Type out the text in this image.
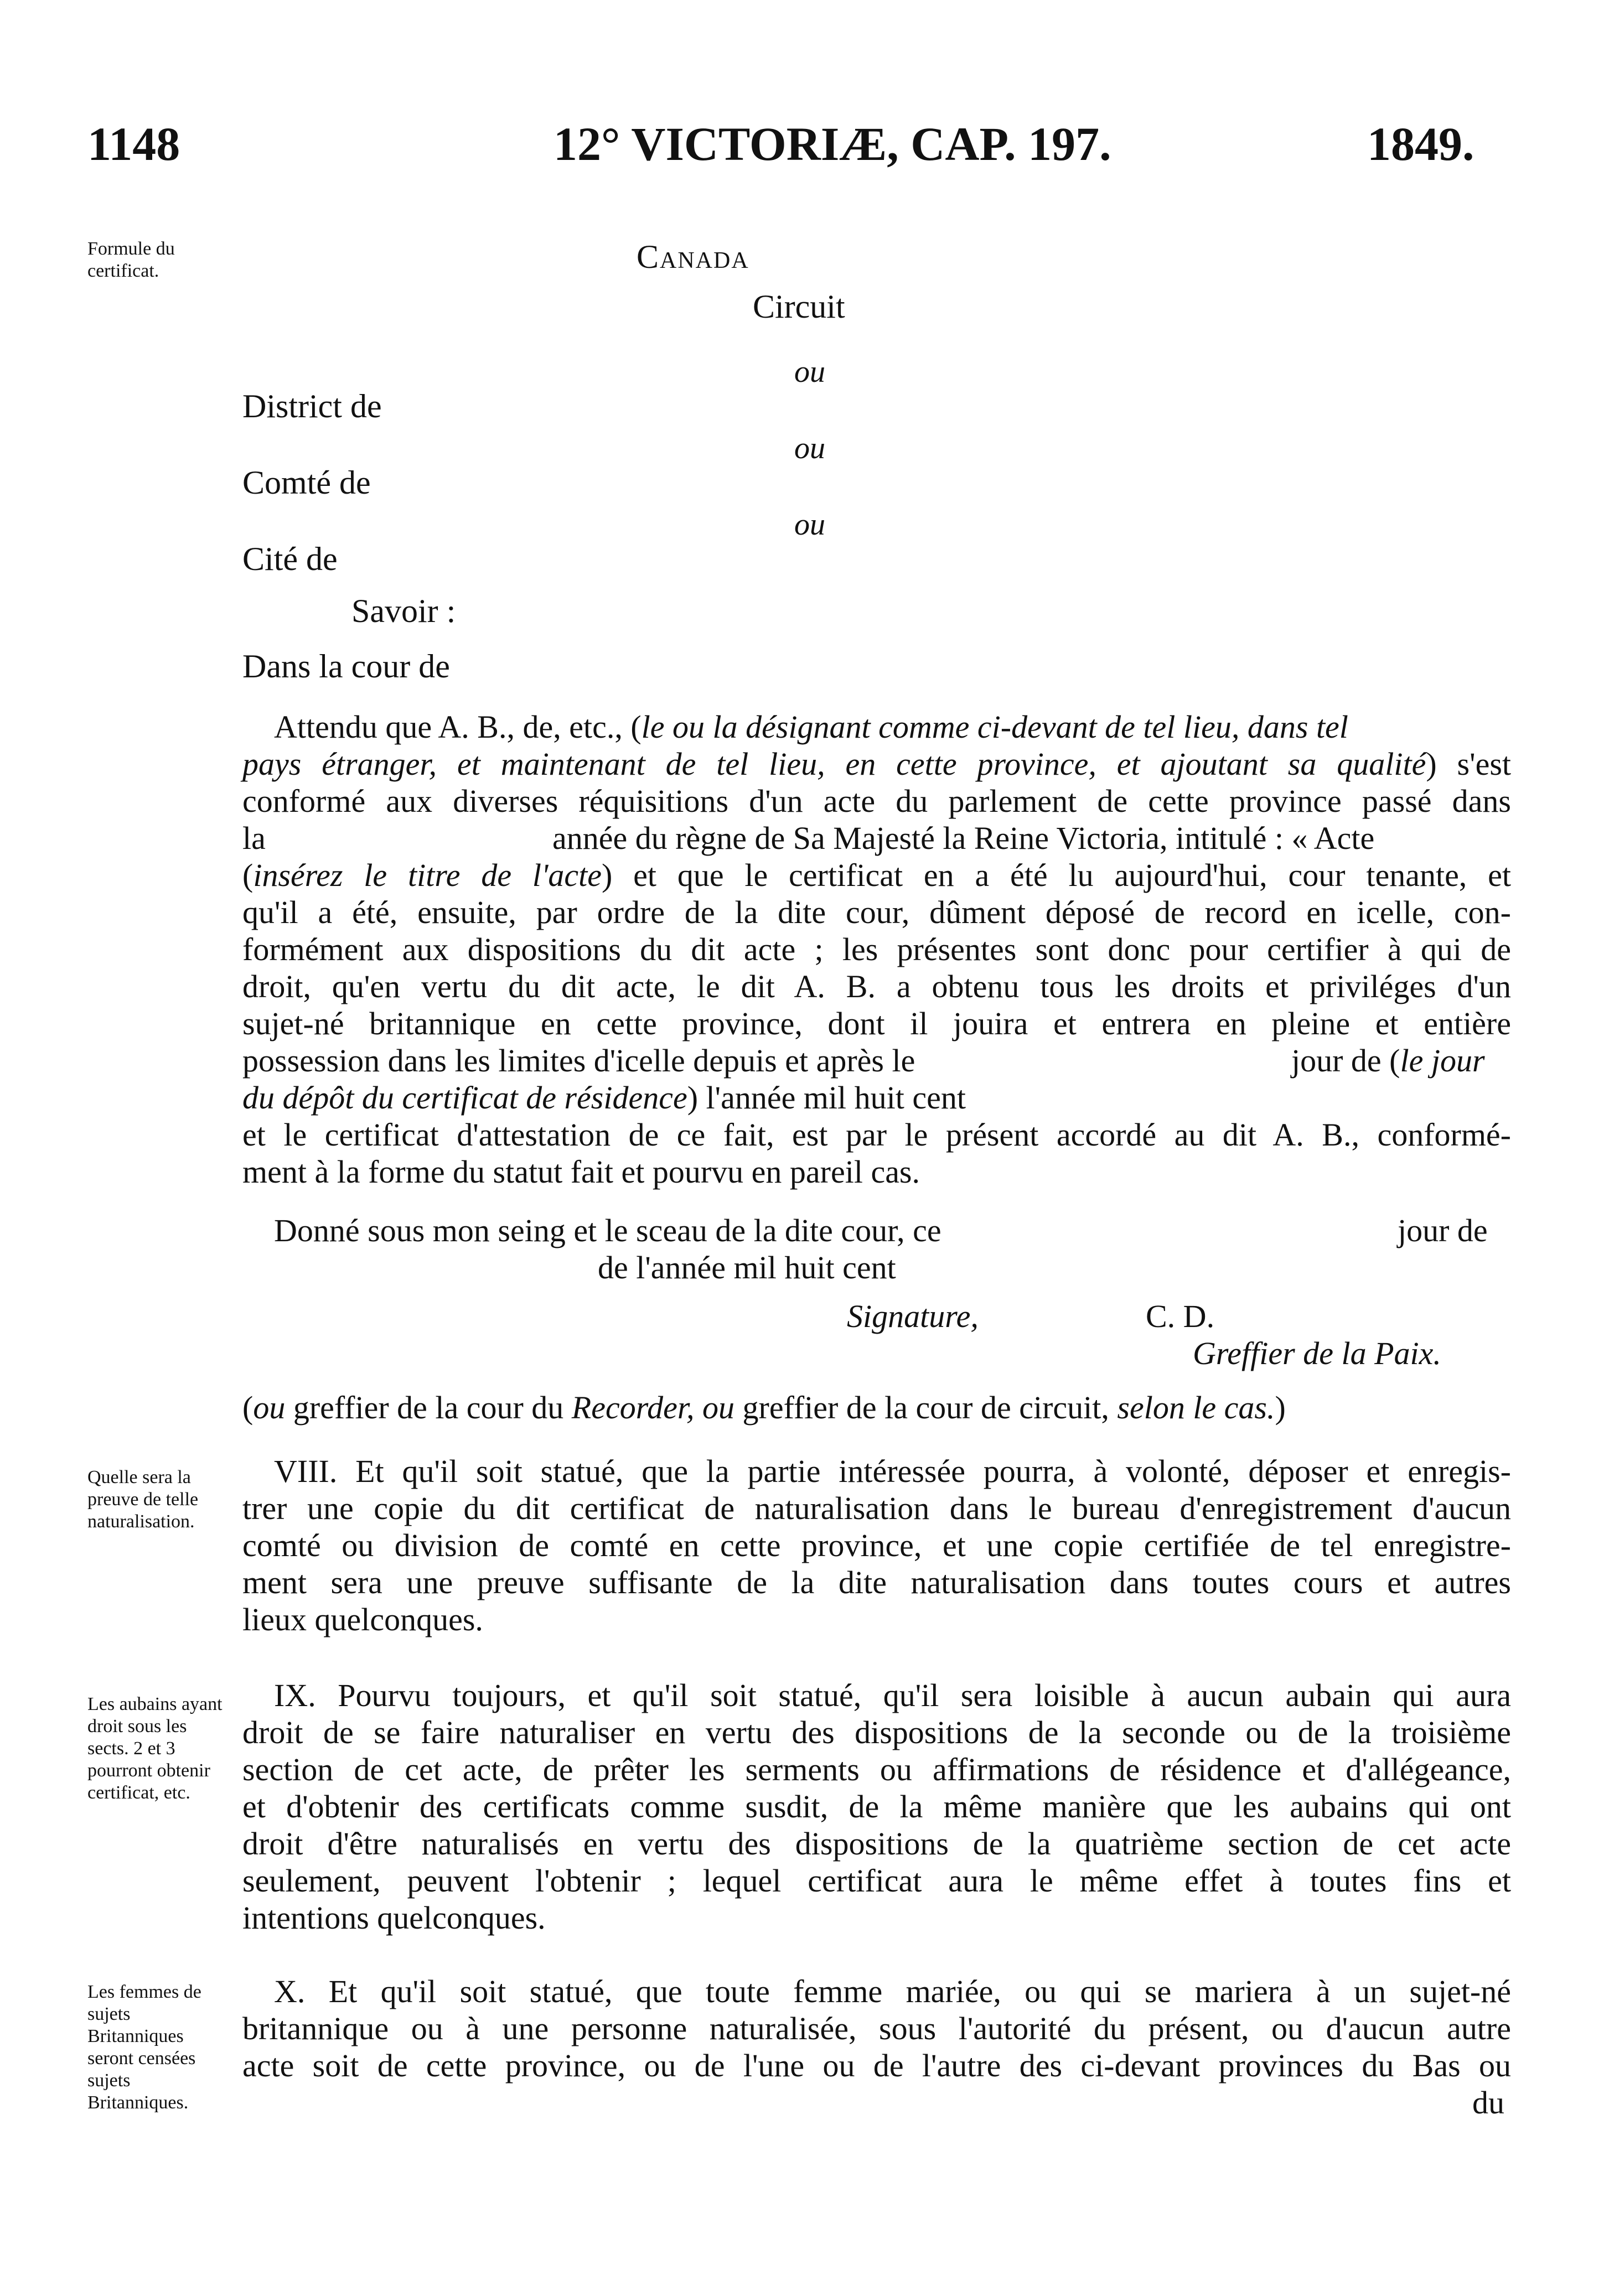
1148	12° VICTORIÆ, CAP. 197.	1849.
Formule du certificat.
Quelle sera la preuve de telle naturalisation.
Les aubains ayant droit sous les sects. 2 et 3 pourront obtenir certificat, etc.
Les femmes de sujets Britanniques seront censées sujets Britanniques.
Canada
Circuit
ou
District de
ou
Comté de
ou
Cité de
Savoir :
Dans la cour de
Attendu que A. B., de, etc., (le ou la désignant comme ci-devant de tel lieu, dans tel
pays étranger, et maintenant de tel lieu, en cette province, et ajoutant sa qualité) s'est
conformé aux diverses réquisitions d'un acte du parlement de cette province passé dans
la	année du règne de Sa Majesté la Reine Victoria, intitulé : « Acte
(insérez le titre de l'acte) et que le certificat en a été lu aujourd'hui, cour tenante, et
qu'il a été, ensuite, par ordre de la dite cour, dûment déposé de record en icelle, con-
formément aux dispositions du dit acte ; les présentes sont donc pour certifier à qui de
droit, qu'en vertu du dit acte, le dit A. B. a obtenu tous les droits et priviléges d'un
sujet-né britannique en cette province, dont il jouira et entrera en pleine et entière
possession dans les limites d'icelle depuis et après le	jour de (le jour
du dépôt du certificat de résidence) l'année mil huit cent
et le certificat d'attestation de ce fait, est par le présent accordé au dit A. B., conformé-
ment à la forme du statut fait et pourvu en pareil cas.
Donné sous mon seing et le sceau de la dite cour, ce	jour de
de l'année mil huit cent
Signature,	C. D.
Greffier de la Paix.
(ou greffier de la cour du Recorder, ou greffier de la cour de circuit, selon le cas.)
VIII. Et qu'il soit statué, que la partie intéressée pourra, à volonté, déposer et enregis-
trer une copie du dit certificat de naturalisation dans le bureau d'enregistrement d'aucun
comté ou division de comté en cette province, et une copie certifiée de tel enregistre-
ment sera une preuve suffisante de la dite naturalisation dans toutes cours et autres
lieux quelconques.
IX. Pourvu toujours, et qu'il soit statué, qu'il sera loisible à aucun aubain qui aura
droit de se faire naturaliser en vertu des dispositions de la seconde ou de la troisième
section de cet acte, de prêter les serments ou affirmations de résidence et d'allégeance,
et d'obtenir des certificats comme susdit, de la même manière que les aubains qui ont
droit d'être naturalisés en vertu des dispositions de la quatrième section de cet acte
seulement, peuvent l'obtenir ; lequel certificat aura le même effet à toutes fins et
intentions quelconques.
X. Et qu'il soit statué, que toute femme mariée, ou qui se mariera à un sujet-né
britannique ou à une personne naturalisée, sous l'autorité du présent, ou d'aucun autre
acte soit de cette province, ou de l'une ou de l'autre des ci-devant provinces du Bas ou
du
